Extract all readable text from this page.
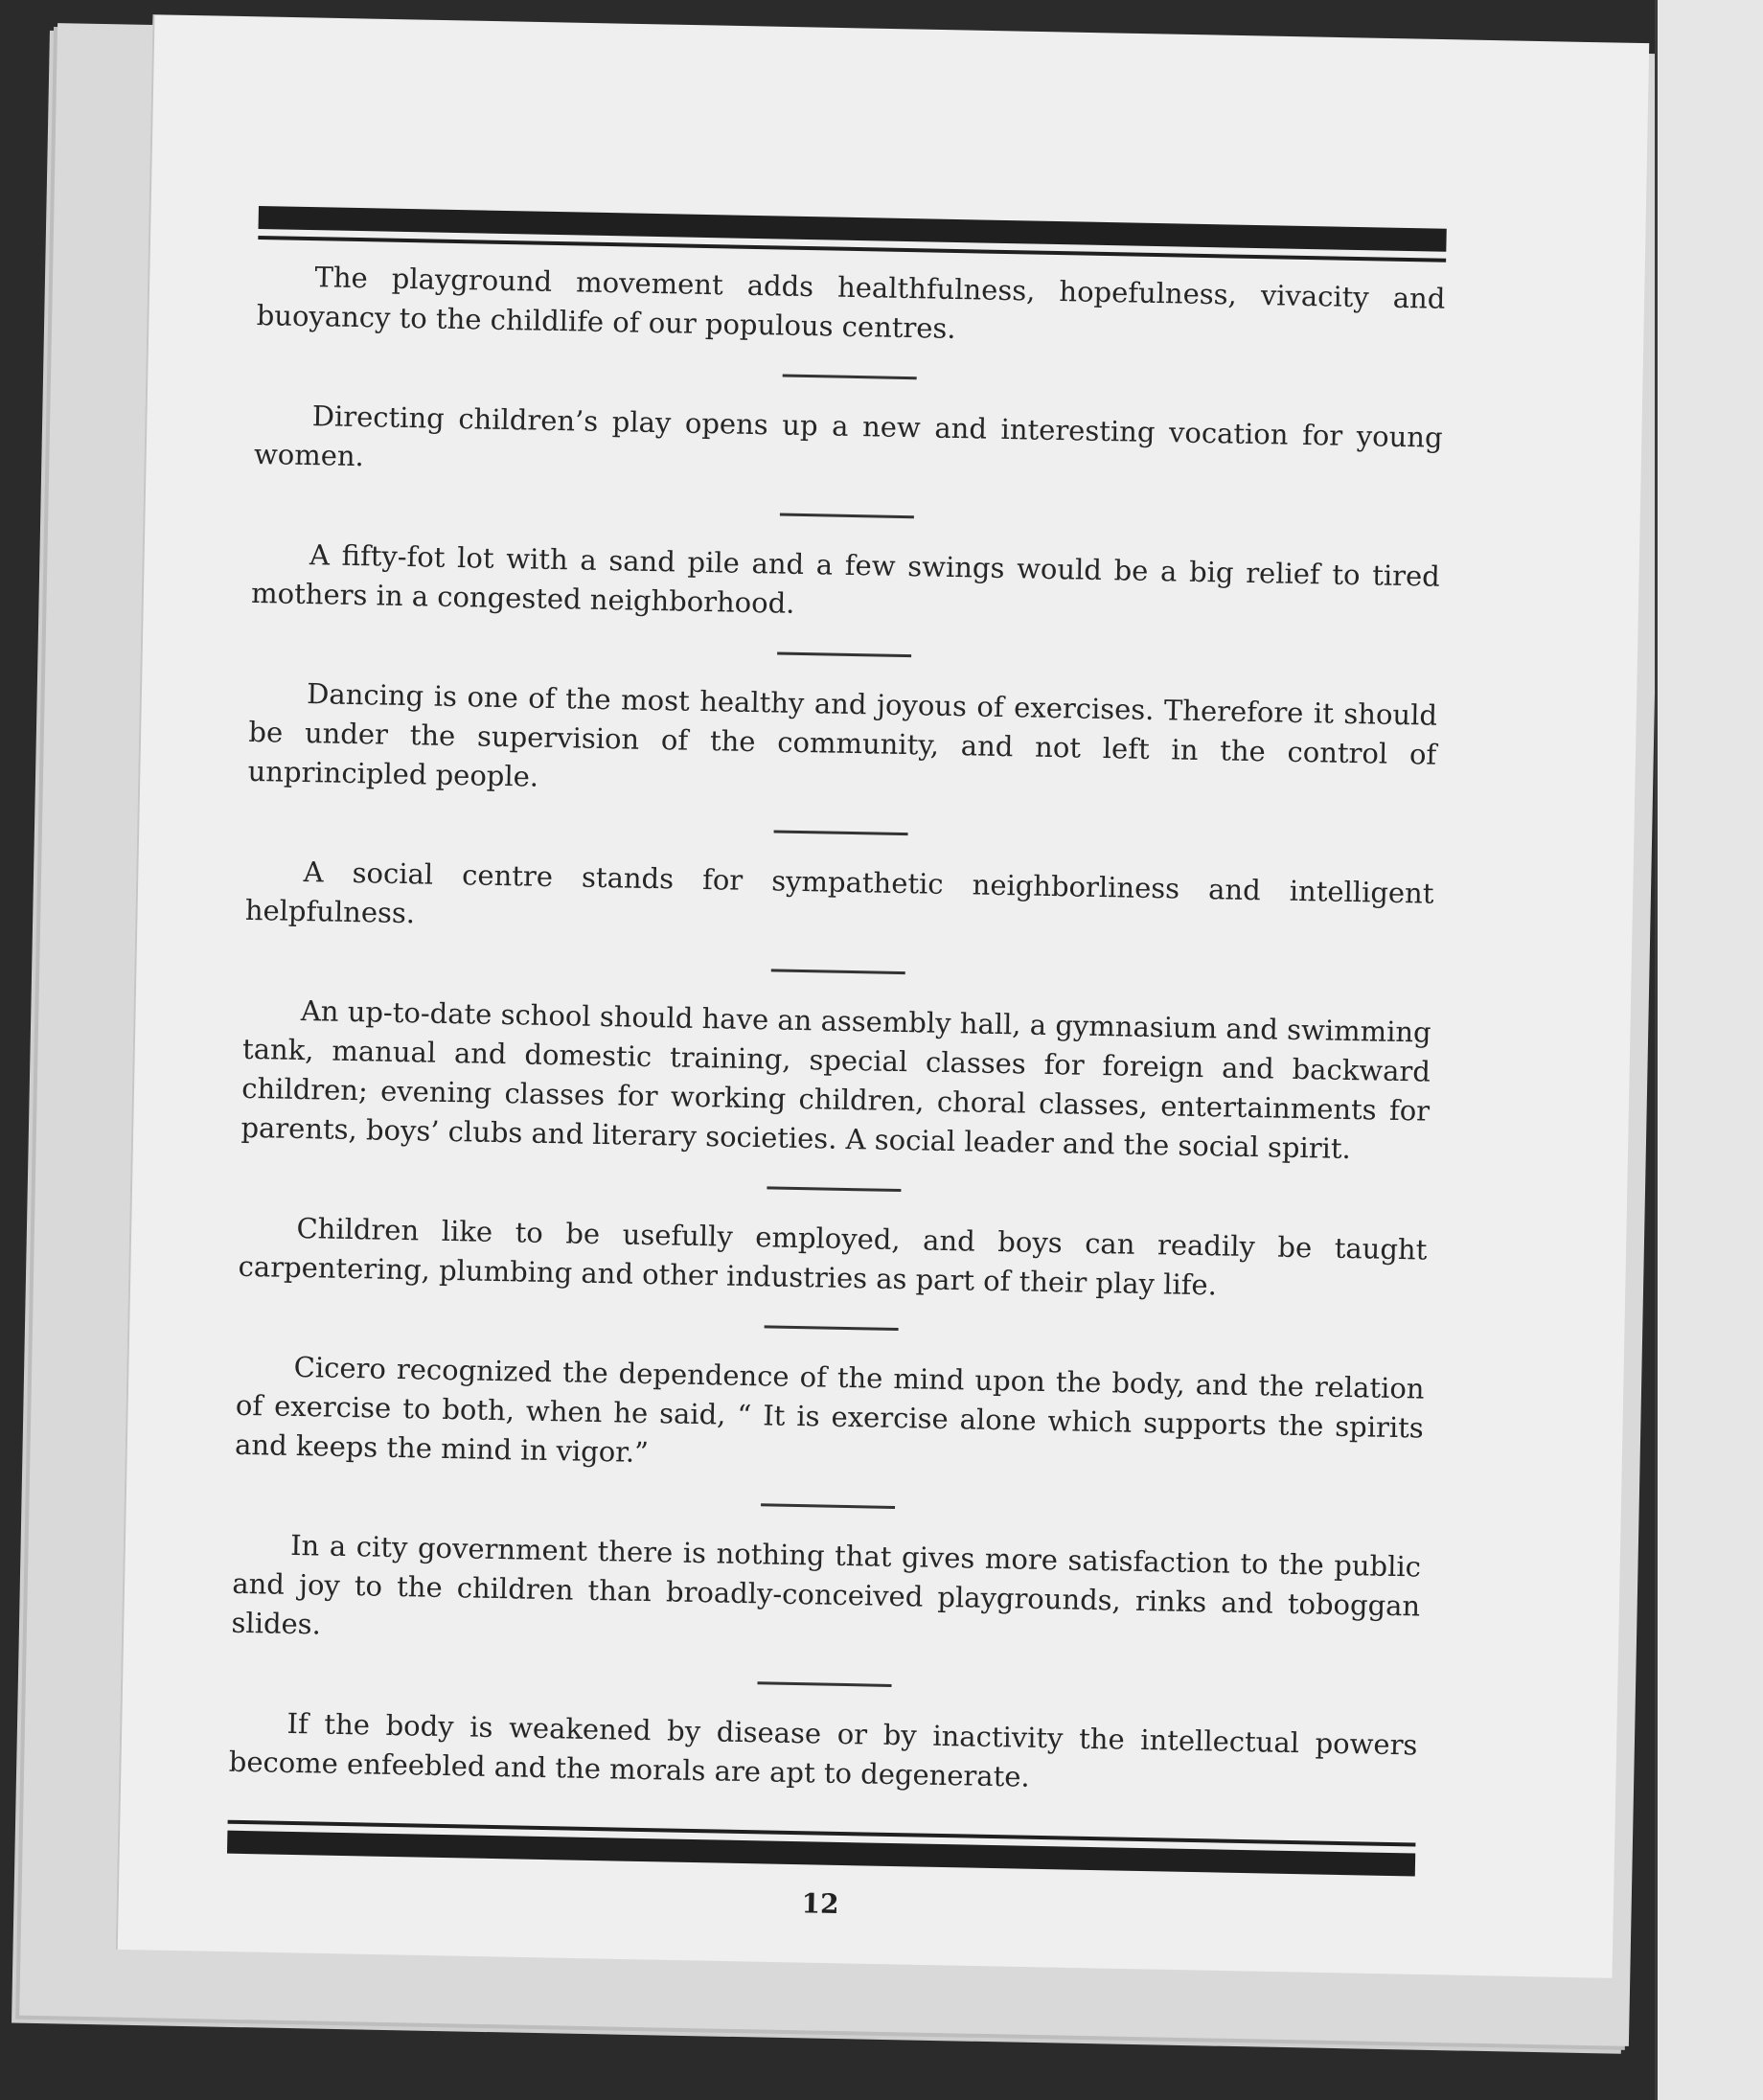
The playground movement adds healthfulness, hopefulness, vivacity and buoyancy to the childlife of our populous centres.

Directing children’s play opens up a new and interesting vocation for young women.

A fifty-fot lot with a sand pile and a few swings would be a big relief to tired mothers in a congested neighborhood.

Dancing is one of the most healthy and joyous of exercises. Therefore it should be under the supervision of the community, and not left in the control of unprincipled people.

A social centre stands for sympathetic neighborliness and intelligent helpfulness.

An up-to-date school should have an assembly hall, a gymnasium and swimming tank, manual and domestic training, special classes for foreign and backward children; evening classes for working children, choral classes, entertainments for parents, boys’ clubs and literary societies. A social leader and the social spirit.

Children like to be usefully employed, and boys can readily be taught carpentering, plumbing and other industries as part of their play life.

Cicero recognized the dependence of the mind upon the body, and the relation of exercise to both, when he said, “ It is exercise alone which supports the spirits and keeps the mind in vigor.”

In a city government there is nothing that gives more satisfaction to the public and joy to the children than broadly-conceived playgrounds, rinks and toboggan slides.

If the body is weakened by disease or by inactivity the intellectual powers become enfeebled and the morals are apt to degenerate.

12
